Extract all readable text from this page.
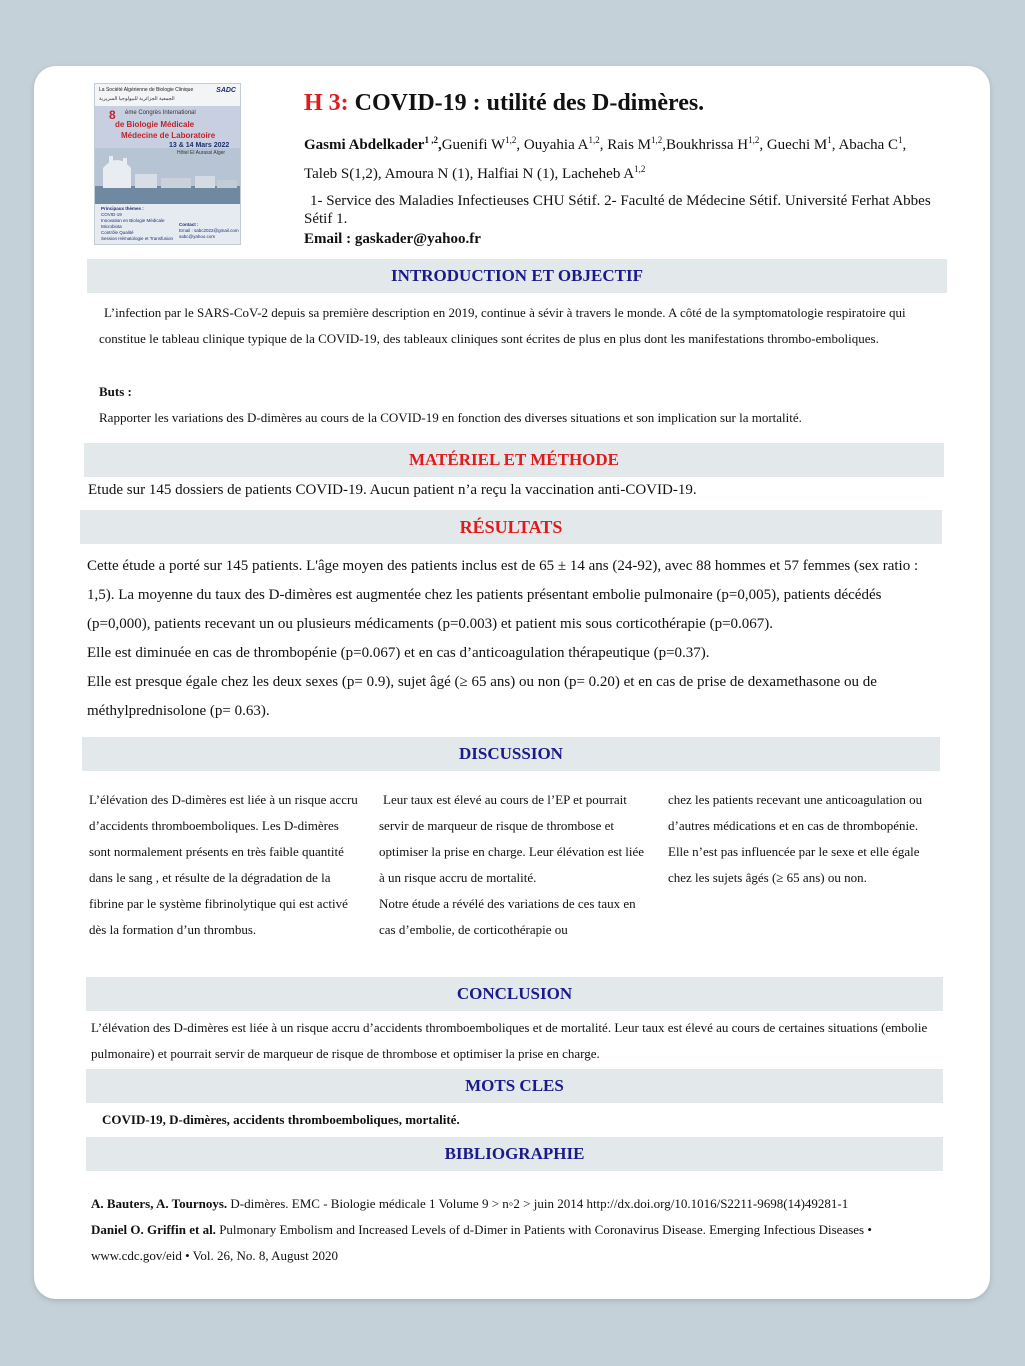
La Société Algérienne de Biologie Clinique	SADC
الجمعية الجزائرية للبيولوجيا السريرية
8 ème Congrès International
de Biologie Médicale
Médecine de Laboratoire
13 & 14 Mars 2022
Hôtel El Aurassi Alger
Principaux thèmes :
COVID-19
Innovation en Biologie Médicale
Microbiota
Contrôle Qualité
Session Hématologie et Transfusion
Contact :
Email : sabc2022@gmail.com
sabc@yahoo.com
H 3: COVID-19 : utilité des D-dimères.
Gasmi Abdelkader$^{1 ,2}$, Guenifi W$^{1,2}$, Ouyahia A$^{1,2}$, Rais M$^{1,2}$,Boukhrissa H$^{1,2}$, Guechi $M^1$, Abacha $C^1$,
Taleb S(1,2), Amoura N (1), Halfiai N (1), Lacheheb A$^{1,2}$
1- Service des Maladies Infectieuses CHU Sétif. 2- Faculté de Médecine Sétif. Université Ferhat Abbes Sétif 1.
Email : gaskader@yahoo.fr
INTRODUCTION ET OBJECTIF
L’infection par le SARS-CoV-2 depuis sa première description en 2019, continue à sévir à travers le monde. A côté de la symptomatologie respiratoire qui constitue le tableau clinique typique de la COVID-19, des tableaux cliniques sont écrites de plus en plus dont les manifestations thrombo-emboliques.
Buts :
Rapporter les variations des D-dimères au cours de la COVID-19 en fonction des diverses situations et son implication sur la mortalité.
MATÉRIEL ET MÉTHODE
Etude sur 145 dossiers de patients COVID-19. Aucun patient n’a reçu la vaccination anti-COVID-19.
RÉSULTATS
Cette étude a porté sur 145 patients. L'âge moyen des patients inclus est de 65 ± 14 ans (24-92), avec 88 hommes et 57 femmes (sex ratio : 1,5). La moyenne du taux des D-dimères est augmentée chez les patients présentant embolie pulmonaire (p=0,005), patients décédés (p=0,000), patients recevant un ou plusieurs médicaments (p=0.003) et patient mis sous corticothérapie (p=0.067).
Elle est diminuée en cas de thrombopénie (p=0.067) et en cas d’anticoagulation thérapeutique (p=0.37).
Elle est presque égale chez les deux sexes (p= 0.9), sujet âgé (≥ 65 ans) ou non (p= 0.20) et en cas de prise de dexamethasone ou de méthylprednisolone (p= 0.63).
DISCUSSION
L’élévation des D-dimères est liée à un risque accru d’accidents thromboemboliques. Les D-dimères sont normalement présents en très faible quantité dans le sang , et résulte de la dégradation de la fibrine par le système fibrinolytique qui est activé dès la formation d’un thrombus.
Leur taux est élevé au cours de l’EP et pourrait servir de marqueur de risque de thrombose et optimiser la prise en charge. Leur élévation est liée à un risque accru de mortalité.
Notre étude a révélé des variations de ces taux en cas d’embolie, de corticothérapie ou
chez les patients recevant une anticoagulation ou d’autres médications et en cas de thrombopénie. Elle n’est pas influencée par le sexe et elle égale chez les sujets âgés (≥ 65 ans) ou non.
CONCLUSION
L’élévation des D-dimères est liée à un risque accru d’accidents thromboemboliques et de mortalité. Leur taux est élevé au cours de certaines situations (embolie pulmonaire) et pourrait servir de marqueur de risque de thrombose et optimiser la prise en charge.
MOTS CLES
COVID-19, D-dimères, accidents thromboemboliques, mortalité.
BIBLIOGRAPHIE
A. Bauters, A. Tournoys. D-dimères. EMC - Biologie médicale 1 Volume 9 > n◦2 > juin 2014 http://dx.doi.org/10.1016/S2211-9698(14)49281-1
Daniel O. Griffin et al. Pulmonary Embolism and Increased Levels of d-Dimer in Patients with Coronavirus Disease. Emerging Infectious Diseases • www.cdc.gov/eid • Vol. 26, No. 8, August 2020
